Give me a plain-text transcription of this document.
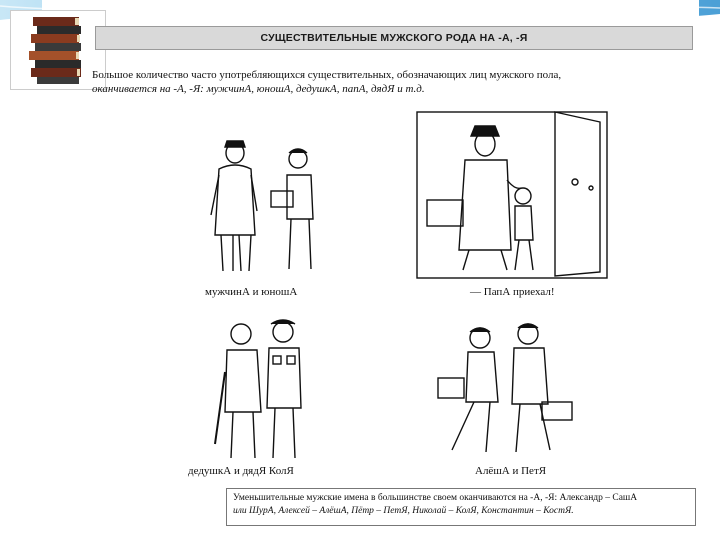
СУЩЕСТВИТЕЛЬНЫЕ МУЖСКОГО РОДА НА -А, -Я

Большое количество часто употребляющихся существительных, обозначающих лиц мужского пола,

оканчивается на -А, -Я: мужчинА, юношА, дедушкА, папА, дядЯ и т.д.

мужчинА и юношА	— ПапА приехал!
дедушкА и дядЯ КолЯ	АлёшА и ПетЯ

Уменьшительные мужские имена в большинстве своем оканчиваются на -А, -Я: Александр – СашА

или ШурА, Алексей – АлёшА, Пётр – ПетЯ, Николай – КолЯ, Константин – КостЯ.
